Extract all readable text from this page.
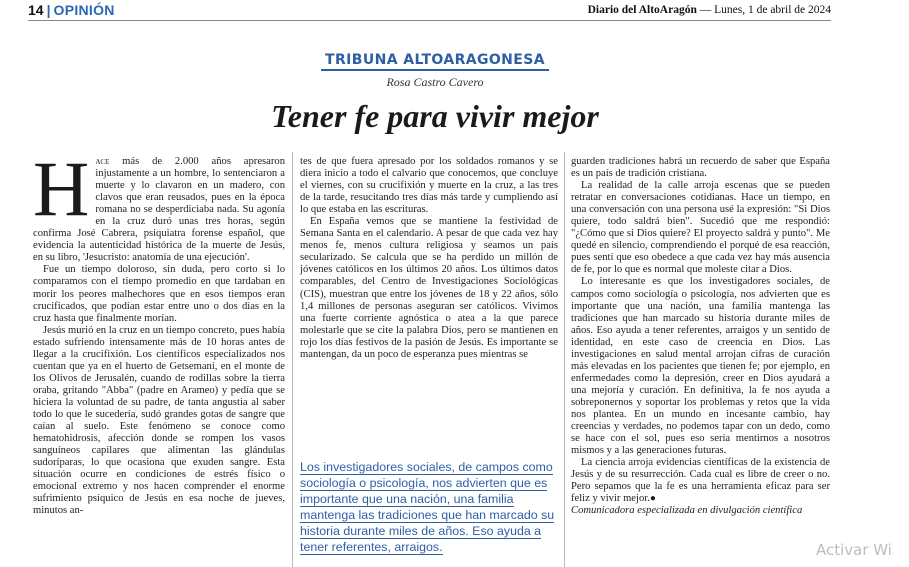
14 | OPINIÓN	Diario del AltoAragón — Lunes, 1 de abril de 2024
TRIBUNA ALTOARAGONESA
Rosa Castro Cavero
Tener fe para vivir mejor

Hace más de 2.000 años apresaron injustamente a un hombre, lo sentenciaron a muerte y lo clavaron en un madero, con clavos que eran reusados, pues en la época romana no se desperdiciaba nada. Su agonía en la cruz duró unas tres horas, según confirma José Cabrera, psiquiatra forense español, que evidencia la autenticidad histórica de la muerte de Jesús, en su libro, 'Jesucristo: anatomía de una ejecución'.

Fue un tiempo doloroso, sin duda, pero corto si lo comparamos con el tiempo promedio en que tardaban en morir los peores malhechores que en esos tiempos eran crucificados, que podían estar entre uno o dos días en la cruz hasta que finalmente morían.

Jesús murió en la cruz en un tiempo concreto, pues había estado sufriendo intensamente más de 10 horas antes de llegar a la crucifixión. Los científicos especializados nos cuentan que ya en el huerto de Getsemaní, en el monte de los Olivos de Jerusalén, cuando de rodillas sobre la tierra oraba, gritando "Abba" (padre en Arameo) y pedía que se hiciera la voluntad de su padre, de tanta angustia al saber todo lo que le sucedería, sudó grandes gotas de sangre que caían al suelo. Este fenómeno se conoce como hematohidrosis, afección donde se rompen los vasos sanguíneos capilares que alimentan las glándulas sudoríparas, lo que ocasiona que exuden sangre. Esta situación ocurre en condiciones de estrés físico o emocional extremo y nos hacen comprender el enorme sufrimiento psíquico de Jesús en esa noche de jueves, minutos an-

tes de que fuera apresado por los soldados romanos y se diera inicio a todo el calvario que conocemos, que concluye el viernes, con su crucifixión y muerte en la cruz, a las tres de la tarde, resucitando tres días más tarde y cumpliendo así lo que estaba en las escrituras.

En España vemos que se mantiene la festividad de Semana Santa en el calendario. A pesar de que cada vez hay menos fe, menos cultura religiosa y seamos un país secularizado. Se calcula que se ha perdido un millón de jóvenes católicos en los últimos 20 años. Los últimos datos comparables, del Centro de Investigaciones Sociológicas (CIS), muestran que entre los jóvenes de 18 y 22 años, sólo 1,4 millones de personas aseguran ser católicos. Vivimos una fuerte corriente agnóstica o atea a la que parece molestarle que se cite la palabra Dios, pero se mantienen en rojo los días festivos de la pasión de Jesús. Es importante se mantengan, da un poco de esperanza pues mientras se

Los investigadores sociales, de campos como sociología o psicología, nos advierten que es importante que una nación, una familia mantenga las tradiciones que han marcado su historia durante miles de años. Eso ayuda a tener referentes, arraigos.

guarden tradiciones habrá un recuerdo de saber que España es un país de tradición cristiana.

La realidad de la calle arroja escenas que se pueden retratar en conversaciones cotidianas. Hace un tiempo, en una conversación con una persona usé la expresión: "Si Dios quiere, todo saldrá bien". Sucedió que me respondió: "¿Cómo que si Dios quiere? El proyecto saldrá y punto". Me quedé en silencio, comprendiendo el porqué de esa reacción, pues sentí que eso obedece a que cada vez hay más ausencia de fe, por lo que es normal que moleste citar a Dios.

Lo interesante es que los investigadores sociales, de campos como sociología o psicología, nos advierten que es importante que una nación, una familia mantenga las tradiciones que han marcado su historia durante miles de años. Eso ayuda a tener referentes, arraigos y un sentido de identidad, en este caso de creencia en Dios. Las investigaciones en salud mental arrojan cifras de curación más elevadas en los pacientes que tienen fe; por ejemplo, en enfermedades como la depresión, creer en Dios ayudará a una mejoría y curación. En definitiva, la fe nos ayuda a sobreponernos y soportar los problemas y retos que la vida nos plantea. En un mundo en incesante cambio, hay creencias y verdades, no podemos tapar con un dedo, como se hace con el sol, pues eso sería mentirnos a nosotros mismos y a las generaciones futuras.

La ciencia arroja evidencias científicas de la existencia de Jesús y de su resurrección. Cada cual es libre de creer o no. Pero sepamos que la fe es una herramienta eficaz para ser feliz y vivir mejor.●
Comunicadora especializada en divulgación científica

Activar Wi
